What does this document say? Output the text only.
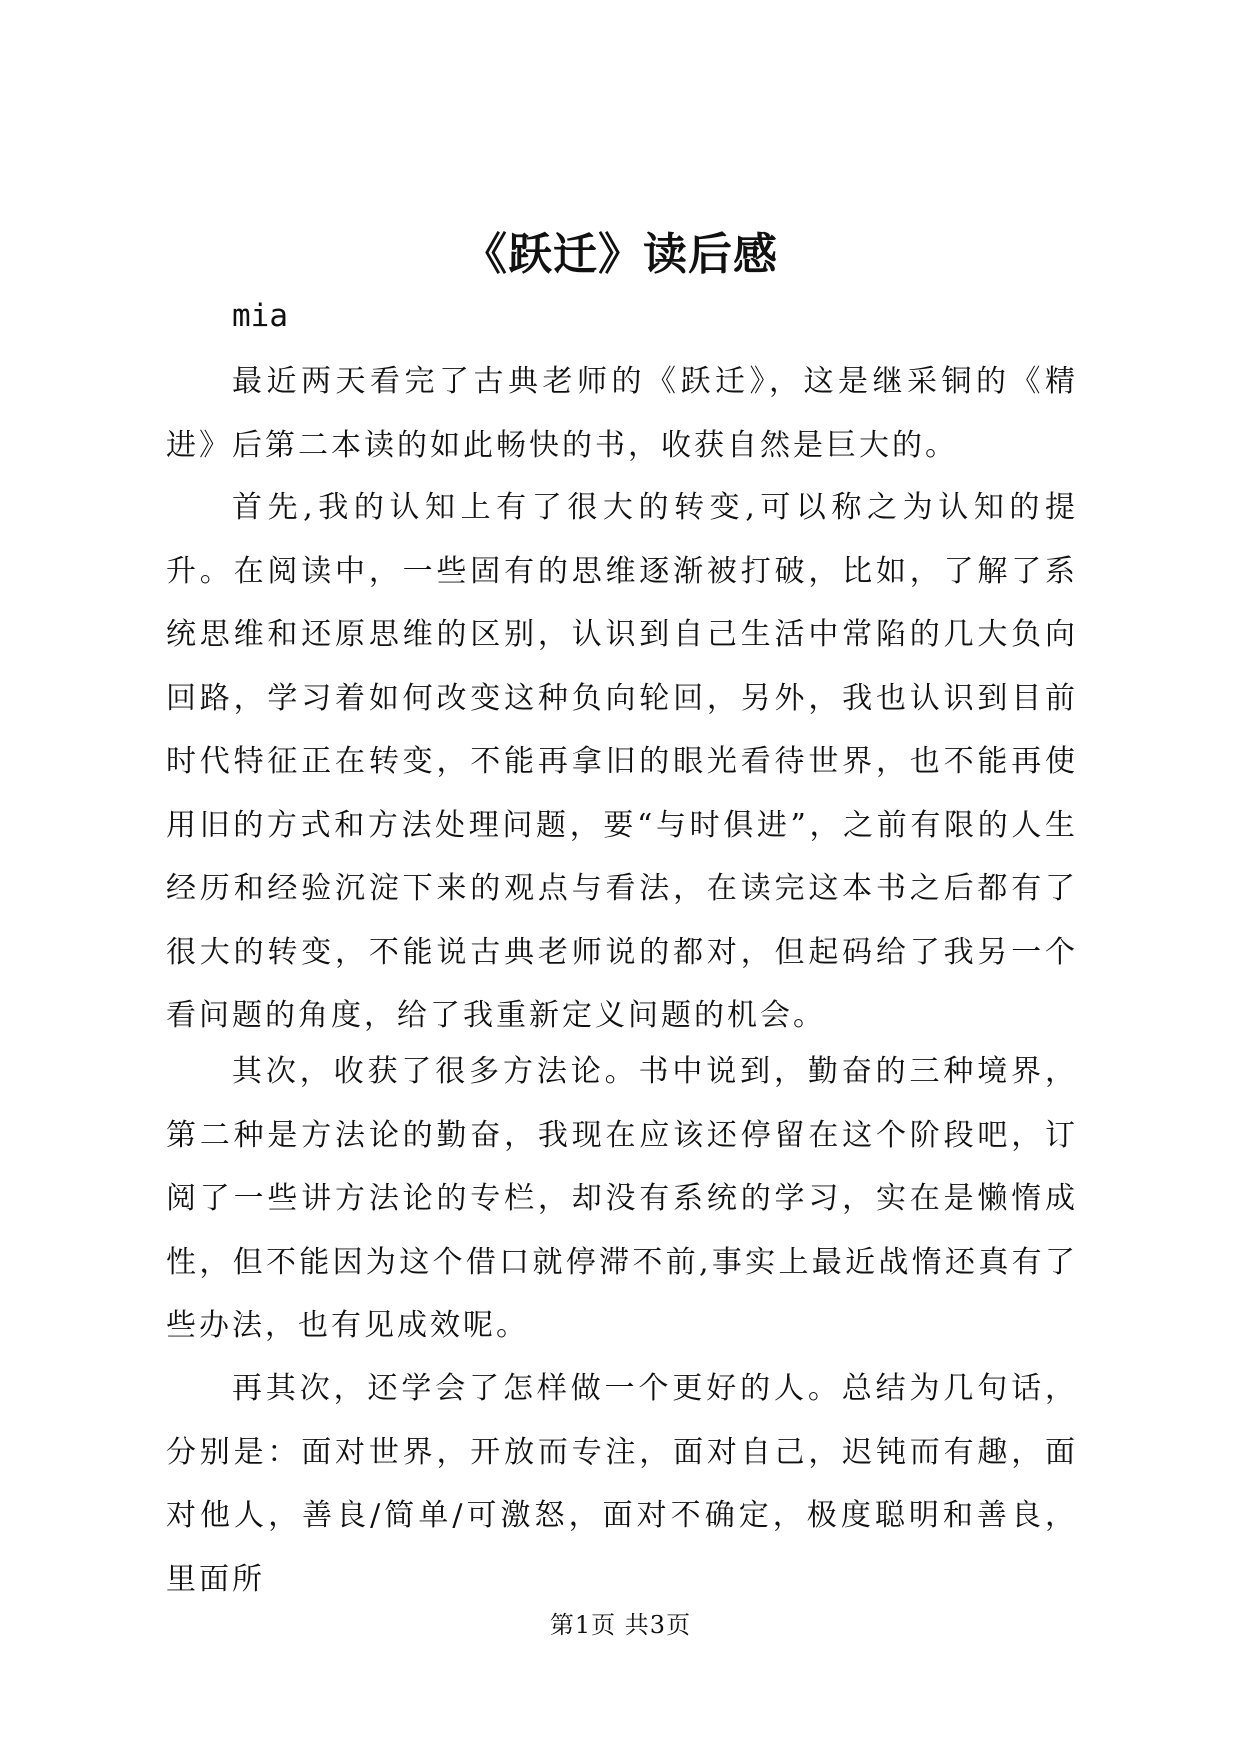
《跃迁》读后感
mia

最近两天看完了古典老师的《跃迁》，这是继采铜的《精进》后第二本读的如此畅快的书，收获自然是巨大的。

首先,我的认知上有了很大的转变,可以称之为认知的提升。在阅读中，一些固有的思维逐渐被打破，比如，了解了系统思维和还原思维的区别，认识到自己生活中常陷的几大负向回路，学习着如何改变这种负向轮回，另外，我也认识到目前时代特征正在转变，不能再拿旧的眼光看待世界，也不能再使用旧的方式和方法处理问题，要“与时俱进”，之前有限的人生经历和经验沉淀下来的观点与看法，在读完这本书之后都有了很大的转变，不能说古典老师说的都对，但起码给了我另一个看问题的角度，给了我重新定义问题的机会。

其次，收获了很多方法论。书中说到，勤奋的三种境界，第二种是方法论的勤奋，我现在应该还停留在这个阶段吧，订阅了一些讲方法论的专栏，却没有系统的学习，实在是懒惰成性，但不能因为这个借口就停滞不前,事实上最近战惰还真有了些办法，也有见成效呢。

再其次，还学会了怎样做一个更好的人。总结为几句话，分别是：面对世界，开放而专注，面对自己，迟钝而有趣，面对他人，善良/简单/可激怒，面对不确定，极度聪明和善良，里面所

第1页 共3页
